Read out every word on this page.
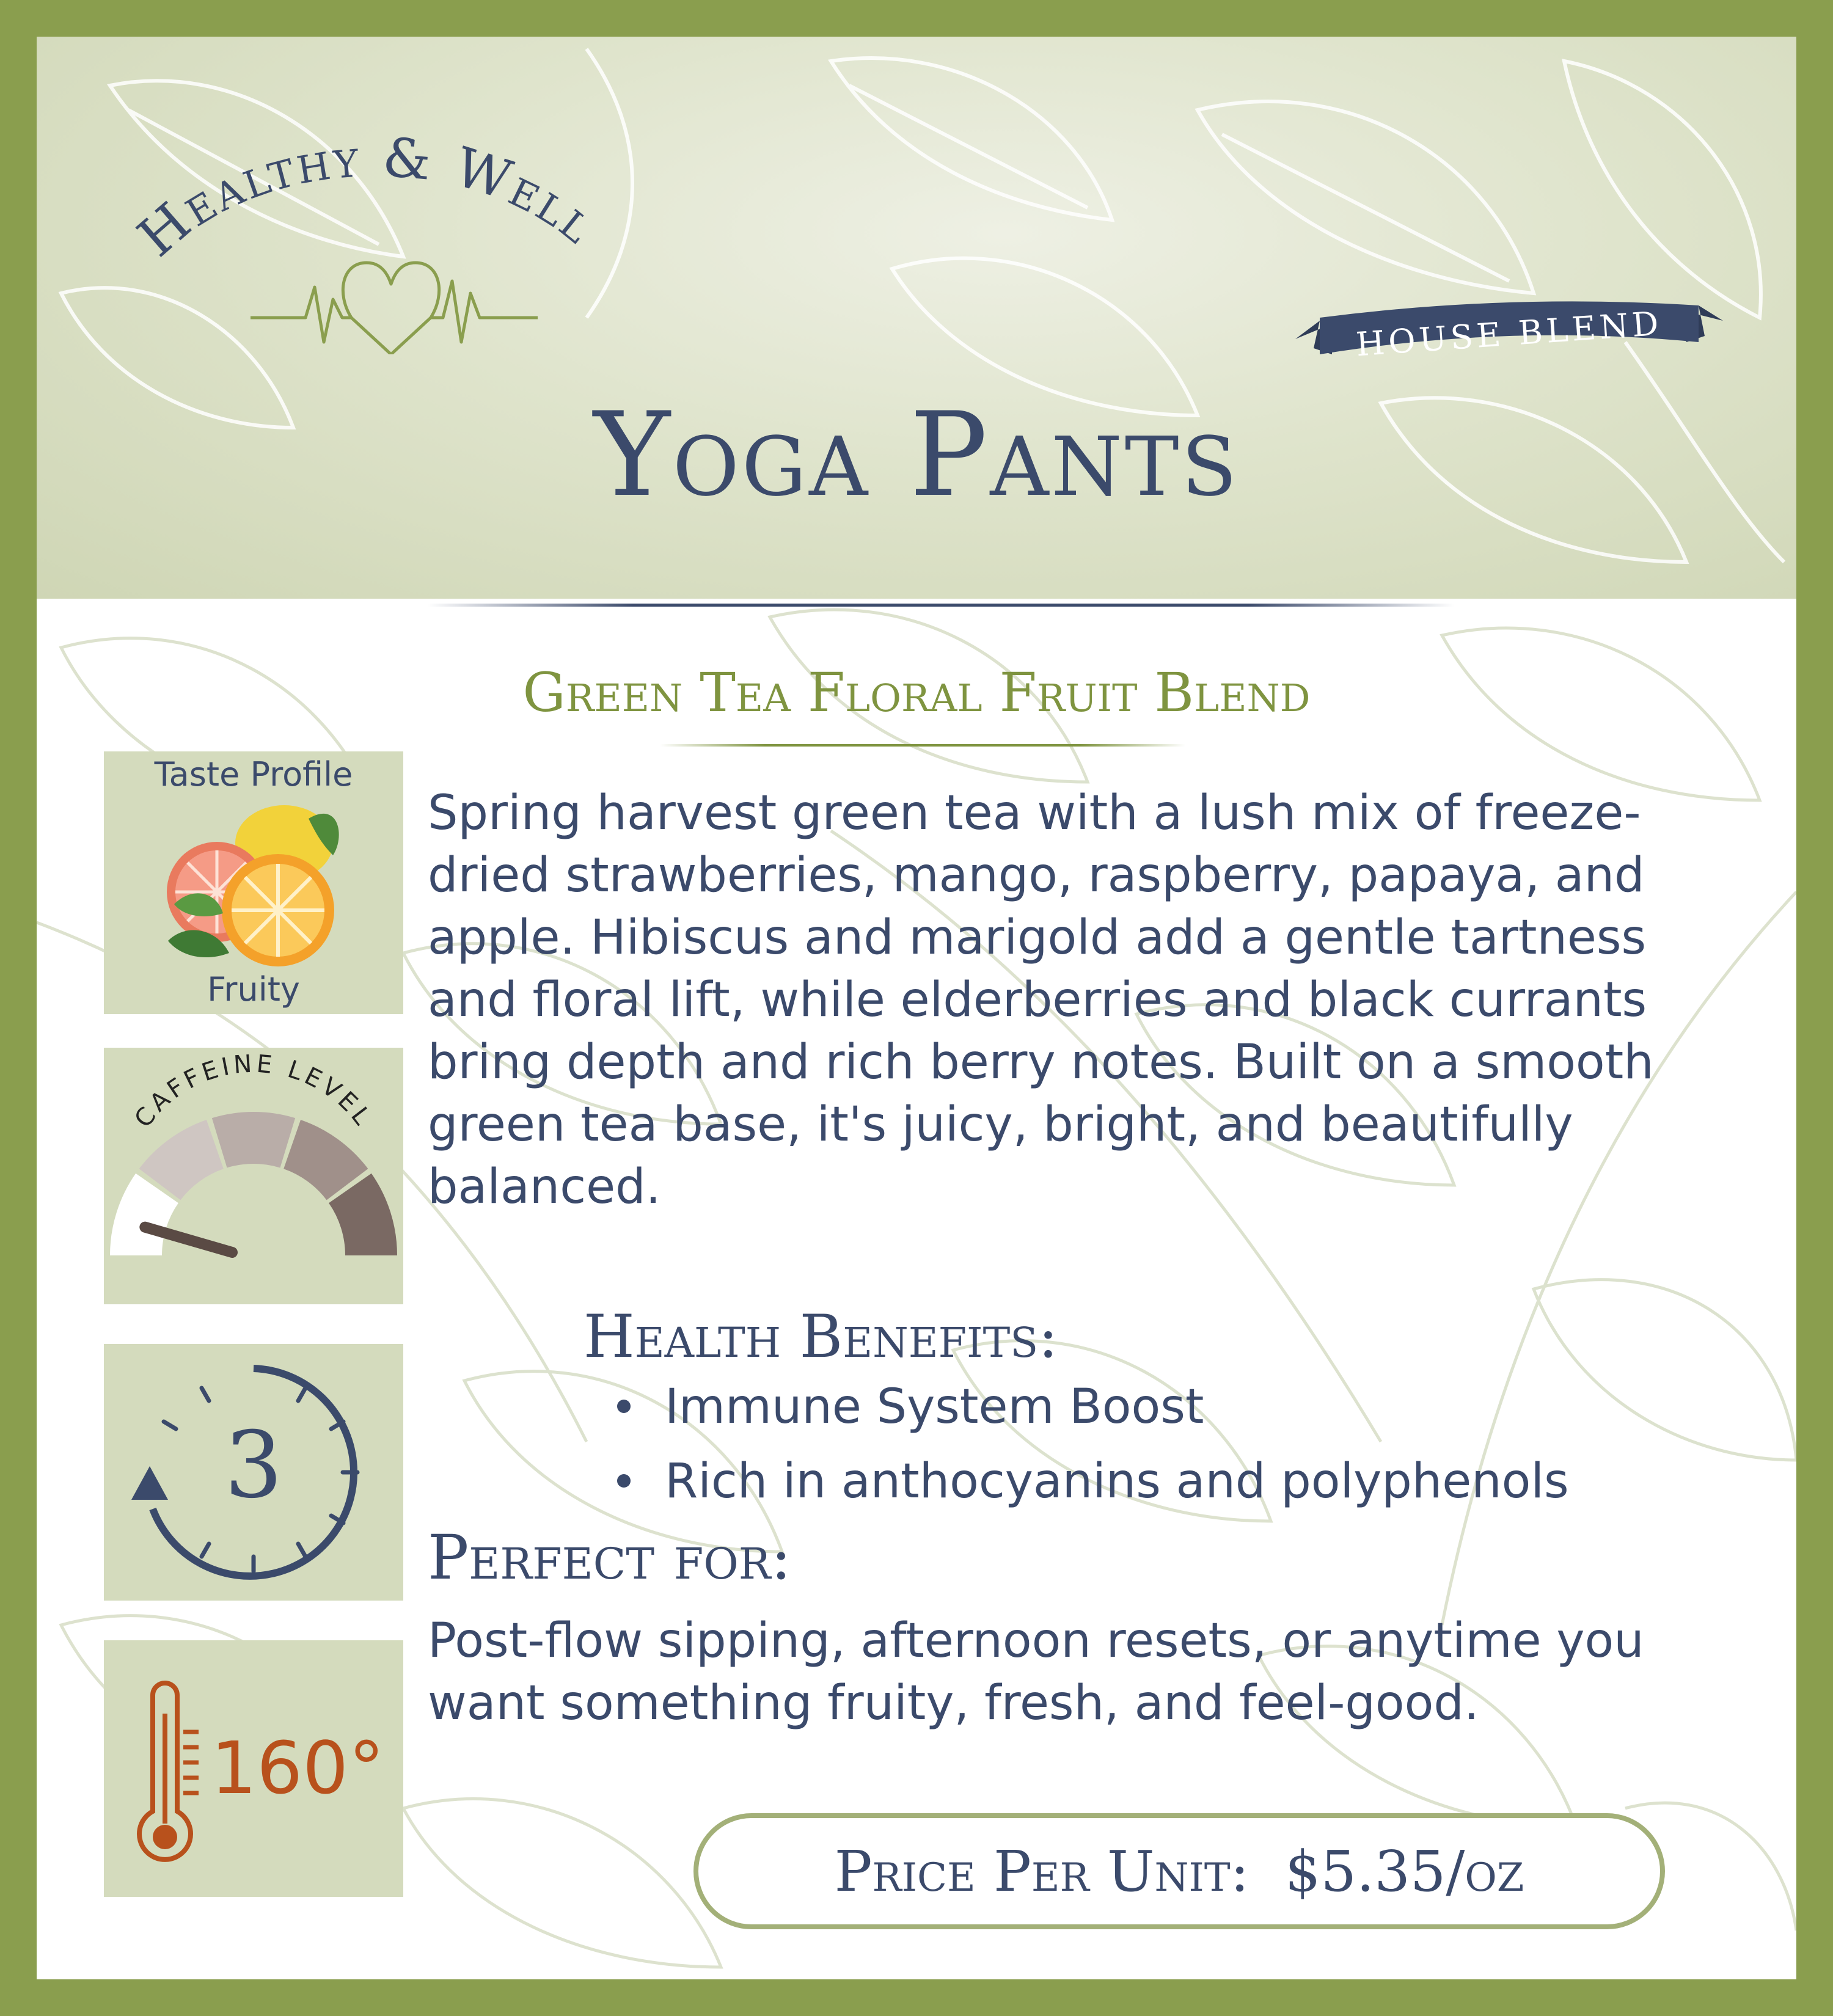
Healthy & Well
HOUSE BLEND
Yoga Pants
Green Tea Floral Fruit Blend
Taste Profile
Fruity
CAFFEINE LEVEL
3
160°
Spring harvest green tea with a lush mix of freeze-dried strawberries, mango, raspberry, papaya, and apple. Hibiscus and marigold add a gentle tartness and floral lift, while elderberries and black currants bring depth and rich berry notes. Built on a smooth green tea base, it's juicy, bright, and beautifully balanced.
Health Benefits:
Immune System Boost
Rich in anthocyanins and polyphenols
Perfect for:
Post-flow sipping, afternoon resets, or anytime you want something fruity, fresh, and feel-good.
Price Per Unit:
$5.35/oz
